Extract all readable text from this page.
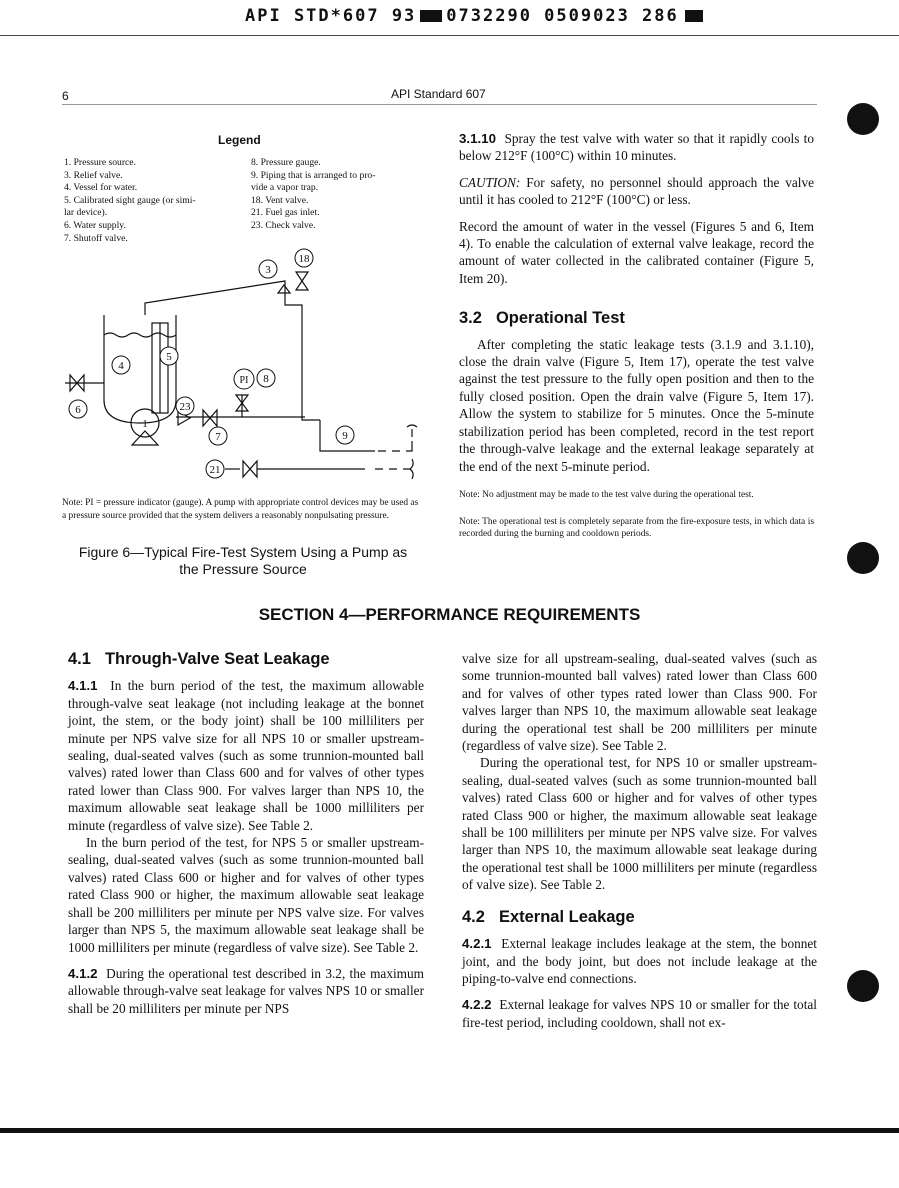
API STD*607 93 0732290 0509023 286
6	API Standard 607
Legend
1. Pressure source.
3. Relief valve.
4. Vessel for water.
5. Calibrated sight gauge (or simi-
lar device).
6. Water supply.
7. Shutoff valve.
8. Pressure gauge.
9. Piping that is arranged to pro-
vide a vapor trap.
18. Vent valve.
21. Fuel gas inlet.
23. Check valve.
18
3
5
4
PI 8
6	23
1
7	9
21
Note: PI = pressure indicator (gauge). A pump with appropriate control devices may be used as a pressure source provided that the system delivers a reasonably nonpulsating pressure.
Figure 6—Typical Fire-Test System Using a Pump as
the Pressure Source

3.1.10 Spray the test valve with water so that it rapidly cools to below 212°F (100°C) within 10 minutes.

CAUTION: For safety, no personnel should approach the valve until it has cooled to 212°F (100°C) or less.

Record the amount of water in the vessel (Figures 5 and 6, Item 4). To enable the calculation of external valve leakage, record the amount of water collected in the calibrated container (Figure 5, Item 20).

3.2 Operational Test

After completing the static leakage tests (3.1.9 and 3.1.10), close the drain valve (Figure 5, Item 17), operate the test valve against the test pressure to the fully open position and then to the fully closed position. Open the drain valve (Figure 5, Item 17). Allow the system to stabilize for 5 minutes. Once the 5-minute stabilization period has been completed, record in the test report the through-valve leakage and the external leakage separately at the end of the next 5-minute period.

Note: No adjustment may be made to the test valve during the operational test.

Note: The operational test is completely separate from the fire-exposure tests, in which data is recorded during the burning and cooldown periods.

SECTION 4—PERFORMANCE REQUIREMENTS

4.1 Through-Valve Seat Leakage

4.1.1 In the burn period of the test, the maximum allowable through-valve seat leakage (not including leakage at the bonnet joint, the stem, or the body joint) shall be 100 milliliters per minute per NPS valve size for all NPS 10 or smaller upstream-sealing, dual-seated valves (such as some trunnion-mounted ball valves) rated lower than Class 600 and for valves of other types rated lower than Class 900. For valves larger than NPS 10, the maximum allowable seat leakage shall be 1000 milliliters per minute (regardless of valve size). See Table 2.

In the burn period of the test, for NPS 5 or smaller upstream-sealing, dual-seated valves (such as some trunnion-mounted ball valves) rated Class 600 or higher and for valves of other types rated Class 900 or higher, the maximum allowable seat leakage shall be 200 milliliters per minute per NPS valve size. For valves larger than NPS 5, the maximum allowable seat leakage shall be 1000 milliliters per minute (regardless of valve size). See Table 2.

4.1.2 During the operational test described in 3.2, the maximum allowable through-valve seat leakage for valves NPS 10 or smaller shall be 20 milliliters per minute per NPS

valve size for all upstream-sealing, dual-seated valves (such as some trunnion-mounted ball valves) rated lower than Class 600 and for valves of other types rated lower than Class 900. For valves larger than NPS 10, the maximum allowable seat leakage during the operational test shall be 200 milliliters per minute (regardless of valve size). See Table 2.

During the operational test, for NPS 10 or smaller upstream-sealing, dual-seated valves (such as some trunnion-mounted ball valves) rated Class 600 or higher and for valves of other types rated Class 900 or higher, the maximum allowable seat leakage shall be 100 milliliters per minute per NPS valve size. For valves larger than NPS 10, the maximum allowable seat leakage during the operational test shall be 1000 milliliters per minute (regardless of valve size). See Table 2.

4.2 External Leakage

4.2.1 External leakage includes leakage at the stem, the bonnet joint, and the body joint, but does not include leakage at the piping-to-valve end connections.

4.2.2 External leakage for valves NPS 10 or smaller for the total fire-test period, including cooldown, shall not ex-
